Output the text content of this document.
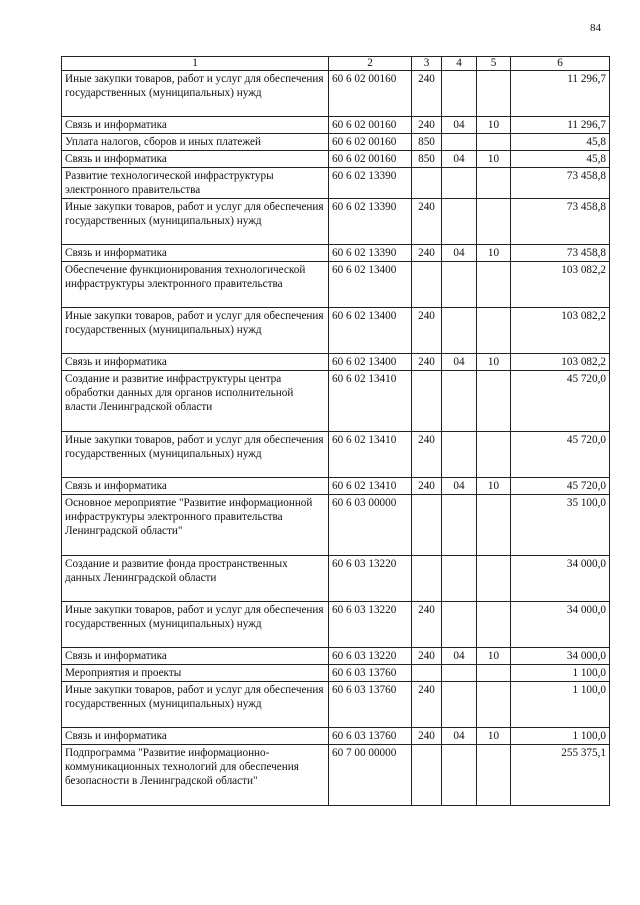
84
1	2	3	4	5	6
Иные закупки товаров, работ и услуг для обеспечения государственных (муниципальных) нужд	60 6 02 00160	240			11 296,7
Связь и информатика	60 6 02 00160	240	04	10	11 296,7
Уплата налогов, сборов и иных платежей	60 6 02 00160	850			45,8
Связь и информатика	60 6 02 00160	850	04	10	45,8
Развитие технологической инфраструктуры электронного правительства	60 6 02 13390				73 458,8
Иные закупки товаров, работ и услуг для обеспечения государственных (муниципальных) нужд	60 6 02 13390	240			73 458,8
Связь и информатика	60 6 02 13390	240	04	10	73 458,8
Обеспечение функционирования технологической инфраструктуры электронного правительства	60 6 02 13400				103 082,2
Иные закупки товаров, работ и услуг для обеспечения государственных (муниципальных) нужд	60 6 02 13400	240			103 082,2
Связь и информатика	60 6 02 13400	240	04	10	103 082,2
Создание и развитие инфраструктуры центра обработки данных для органов исполнительной власти Ленинградской области	60 6 02 13410				45 720,0
Иные закупки товаров, работ и услуг для обеспечения государственных (муниципальных) нужд	60 6 02 13410	240			45 720,0
Связь и информатика	60 6 02 13410	240	04	10	45 720,0
Основное мероприятие "Развитие информационной инфраструктуры электронного правительства Ленинградской области"	60 6 03 00000				35 100,0
Создание и развитие фонда пространственных данных Ленинградской области	60 6 03 13220				34 000,0
Иные закупки товаров, работ и услуг для обеспечения государственных (муниципальных) нужд	60 6 03 13220	240			34 000,0
Связь и информатика	60 6 03 13220	240	04	10	34 000,0
Мероприятия и проекты	60 6 03 13760				1 100,0
Иные закупки товаров, работ и услуг для обеспечения государственных (муниципальных) нужд	60 6 03 13760	240			1 100,0
Связь и информатика	60 6 03 13760	240	04	10	1 100,0
Подпрограмма "Развитие информационно-коммуникационных технологий для обеспечения безопасности в Ленинградской области"	60 7 00 00000				255 375,1
